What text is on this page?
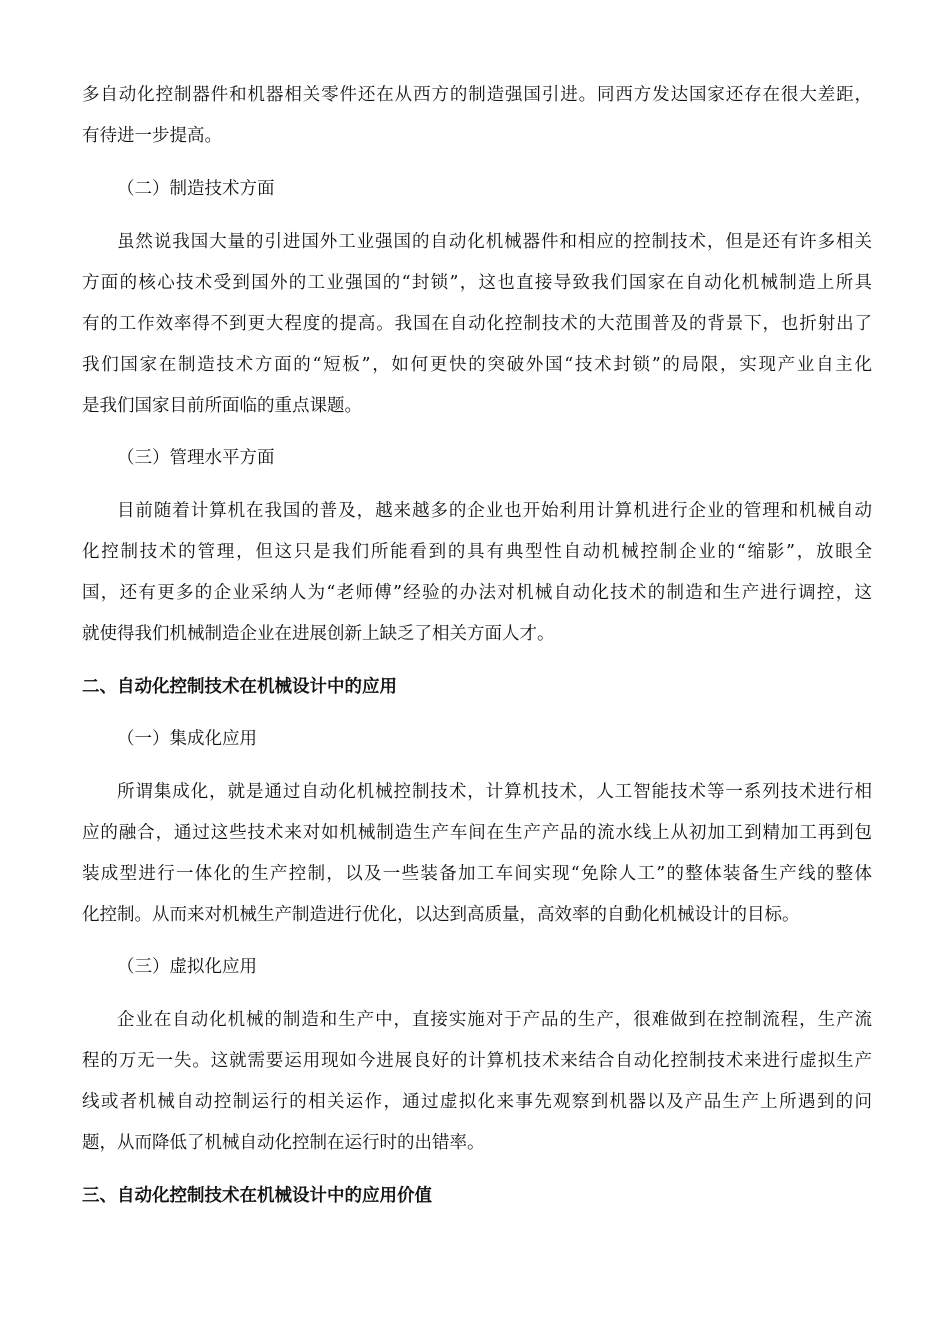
多自动化控制器件和机器相关零件还在从西方的制造强国引进。同西方发达国家还存在很大差距，
有待进一步提高。
（二）制造技术方面
虽然说我国大量的引进国外工业强国的自动化机械器件和相应的控制技术，但是还有许多相关
方面的核心技术受到国外的工业强国的“封锁”，这也直接导致我们国家在自动化机械制造上所具
有的工作效率得不到更大程度的提高。我国在自动化控制技术的大范围普及的背景下，也折射出了
我们国家在制造技术方面的“短板”，如何更快的突破外国“技术封锁”的局限，实现产业自主化
是我们国家目前所面临的重点课题。
（三）管理水平方面
目前随着计算机在我国的普及，越来越多的企业也开始利用计算机进行企业的管理和机械自动
化控制技术的管理，但这只是我们所能看到的具有典型性自动机械控制企业的“缩影”，放眼全
国，还有更多的企业采纳人为“老师傅”经验的办法对机械自动化技术的制造和生产进行调控，这
就使得我们机械制造企业在进展创新上缺乏了相关方面人才。
二、自动化控制技术在机械设计中的应用
（一）集成化应用
所谓集成化，就是通过自动化机械控制技术，计算机技术，人工智能技术等一系列技术进行相
应的融合，通过这些技术来对如机械制造生产车间在生产产品的流水线上从初加工到精加工再到包
装成型进行一体化的生产控制，以及一些装备加工车间实现“免除人工”的整体装备生产线的整体
化控制。从而来对机械生产制造进行优化，以达到高质量，高效率的自動化机械设计的目标。
（三）虚拟化应用
企业在自动化机械的制造和生产中，直接实施对于产品的生产，很难做到在控制流程，生产流
程的万无一失。这就需要运用现如今进展良好的计算机技术来结合自动化控制技术来进行虚拟生产
线或者机械自动控制运行的相关运作，通过虚拟化来事先观察到机器以及产品生产上所遇到的问
题，从而降低了机械自动化控制在运行时的出错率。
三、自动化控制技术在机械设计中的应用价值
